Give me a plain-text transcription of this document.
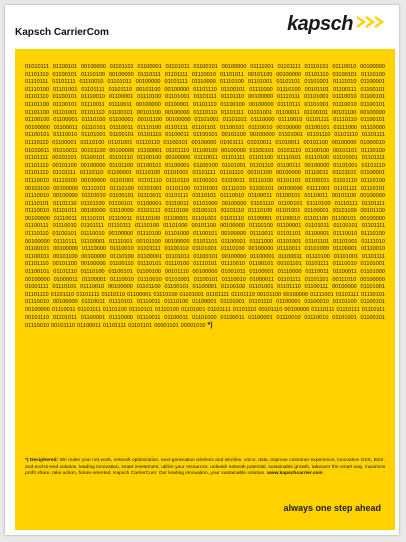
Kapsch CarrierCom	kapsch
01010111 01100101 00100000 01101101 01100001 01101011 01100101 00100000 01111001 01101111 01110101 01110010 00100000 01101110 01100101 01110100 00100000 01110111 01101111 01110010 01101011 00101100 00100000 01101110 01100101 01110100 01110111 01101111 01110010 01101011 00100000 01101111 01110000 01110100 01101001 01101101 01101001 01111010 01100001 01110100 01101001 01101111 01101110 00101100 00100000 01101110 01100101 01111000 01110100 00101101 01100111 01100101 01101110 01100101 01110010 01100001 01110100 01101001 01101111 01101110 00100000 01110111 01101001 01110010 01100101 01101100 01100101 01110011 01110011 00100000 01100001 01101110 01100100 00100000 01110111 01101001 01110010 01100101 01101100 01101001 01101110 01100101 00101100 00100000 01110110 01101111 01101001 01100011 01100101 00101100 00100000 01100100 01100001 01110100 01100001 00101100 00100000 01101001 01101101 01110000 01110010 01101111 01110110 01100101 00100000 01100011 01110101 01110011 01110100 01101111 01101101 01100101 01110010 00100000 01100101 01111000 01110000 01100101 01110010 01101001 01100101 01101110 01100011 01100101 00101100 00100000 01101001 01101110 01101110 01101111 01110110 01100001 01110100 01101001 01110110 01100101 00100000 01001111 01010011 01010011 00101100 00100000 01000010 01010011 01010011 00101100 00100000 01100001 01101110 01100100 00100000 01100101 01101110 01100100 00101101 01110100 01101111 00101101 01100101 01101110 01100100 00100000 01110011 01101111 01101100 01110101 01110100 01101001 01101111 01101110 00101100 00100000 01101100 01100101 01100001 01100100 01101001 01101110 01100111 00100000 01101001 01101110 01101110 01101111 01110110 01100001 01110100 01101001 01101111 01101110 00101100 00100000 01110011 01101101 01100001 01110010 01110100 00100000 01101001 01101110 01110110 01100101 01110011 01110100 01101101 01100101 01101110 01110100 00101100 00100000 01110101 01110100 01101001 01101100 01101001 01111010 01100101 00100000 01111001 01101111 01110101 01110010 00100000 01110010 01100101 01110011 01101111 01110101 01110010 01100011 01100101 01110011 00101100 00100000 01110101 01101110 01101100 01100101 01100001 01110011 01101000 00100000 01101110 01100101 01110100 01110111 01101111 01110010 01101011 00100000 01110000 01101111 01110100 01100101 01101110 01110100 01101001 01100001 01101100 00101100 00100000 01110011 01110101 01110011 01110100 01100001 01101001 01101110 01100001 01100010 01101100 01100101 00100000 01100111 01110010 01101111 01110111 01110100 01101000 00101100 00100000 01110100 01100001 01101011 01100101 01101111 01110110 01100101 01110010 00100000 01110100 01101000 01100101 00100000 01110011 01101101 01100001 01110010 01110100 00100000 01110111 01100001 01111001 00101100 00100000 01101101 01100001 01111000 01101001 01101101 01101001 01111010 01100101 00100000 01110000 01110010 01101111 01100110 01101001 01110100 00100000 01110011 01101000 01100001 01110010 01100101 00101100 00100000 01110100 01100001 01101011 01100101 00100000 01100001 01100011 01110100 01101001 01101111 01101110 00101100 00100000 01100110 01110101 01110100 01110101 01110010 01100101 00101101 01101111 01110010 01101001 01100101 01101110 01110100 01100101 01100100 00101110 00100000 01001011 01100001 01110000 01110011 01100011 01101000 00100000 01000011 01100001 01110010 01110010 01101001 01100101 01110010 01000011 01101111 01101101 00111010 00100000 01001111 01110101 01110010 00100000 01101100 01100101 01100001 01100100 01101001 01101110 01100111 00100000 01101001 01101110 01101110 01101111 01110110 01100001 01110100 01101001 01101111 01101110 00101100 00100000 01111001 01101111 01110101 01110010 00100000 01110011 01110101 01110011 01110100 01100001 01101001 01101110 01100001 01100010 01101100 01100101 00100000 01110011 01101111 01101100 01110101 01110100 01101001 01101111 01101110 00101110 00100000 01110111 01110111 01110111 00101110 01101011 01100001 01110000 01110011 01100011 01101000 01100011 01100001 01110010 01110010 01101001 01100101 01110010 00101110 01100011 01101111 01101101 00001101 00001010 *)
*) Deciphered: We make your net work, network optimization, next-generation wireless and wireline, voice, data, improve customer experience, innovative OSS, BSS, and end-to-end solution, leading innovation, smart investment, utilize your resources, unleash network potential, sustainable growth, takeover the smart way, maximize profit share, take action, future-oriented. Kapsch CarrierCom: Our leading innovation, your sustainable solution. www.kapschcarrier.com
always one step ahead
